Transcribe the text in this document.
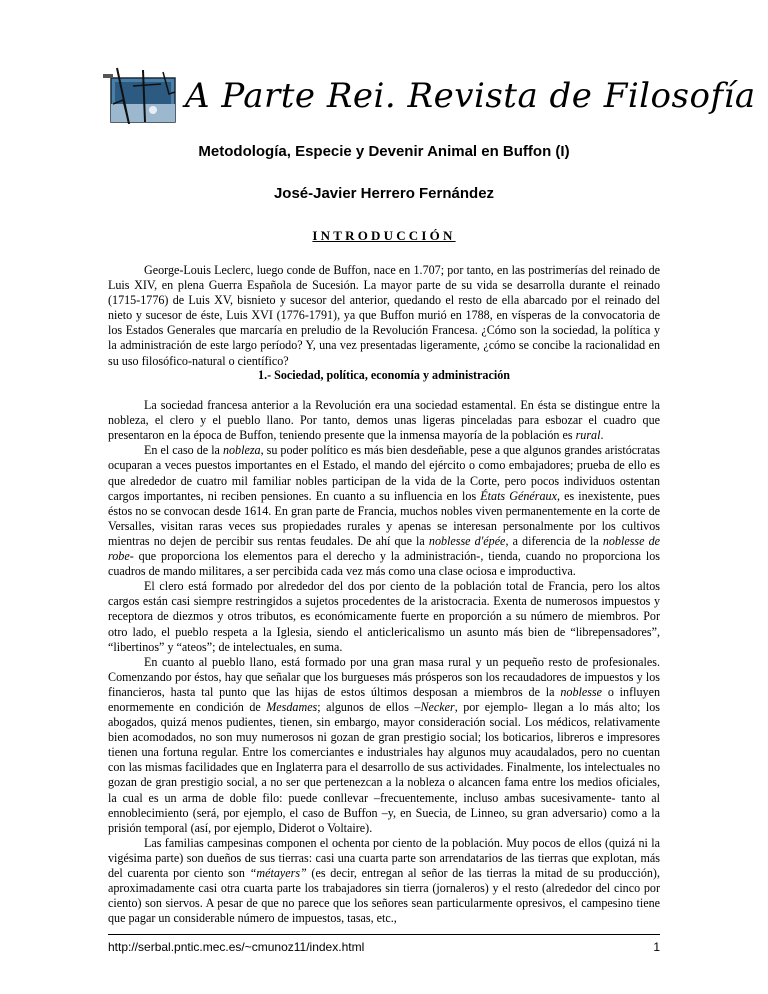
A Parte Rei. Revista de Filosofía
Metodología, Especie y Devenir Animal en Buffon (I)
José-Javier Herrero Fernández
INTRODUCCIÓN

George-Louis Leclerc, luego conde de Buffon, nace en 1.707; por tanto, en las postrimerías del reinado de Luis XIV, en plena Guerra Española de Sucesión. La mayor parte de su vida se desarrolla durante el reinado (1715-1776) de Luis XV, bisnieto y sucesor del anterior, quedando el resto de ella abarcado por el reinado del nieto y sucesor de éste, Luis XVI (1776-1791), ya que Buffon murió en 1788, en vísperas de la convocatoria de los Estados Generales que marcaría en preludio de la Revolución Francesa. ¿Cómo son la sociedad, la política y la administración de este largo período? Y, una vez presentadas ligeramente, ¿cómo se concibe la racionalidad en su uso filosófico-natural o científico?

1.- Sociedad, política, economía y administración

La sociedad francesa anterior a la Revolución era una sociedad estamental. En ésta se distingue entre la nobleza, el clero y el pueblo llano. Por tanto, demos unas ligeras pinceladas para esbozar el cuadro que presentaron en la época de Buffon, teniendo presente que la inmensa mayoría de la población es rural.

En el caso de la nobleza, su poder político es más bien desdeñable, pese a que algunos grandes aristócratas ocuparan a veces puestos importantes en el Estado, el mando del ejército o como embajadores; prueba de ello es que alrededor de cuatro mil familiar nobles participan de la vida de la Corte, pero pocos individuos ostentan cargos importantes, ni reciben pensiones. En cuanto a su influencia en los États Généraux, es inexistente, pues éstos no se convocan desde 1614. En gran parte de Francia, muchos nobles viven permanentemente en la corte de Versalles, visitan raras veces sus propiedades rurales y apenas se interesan personalmente por los cultivos mientras no dejen de percibir sus rentas feudales. De ahí que la noblesse d'épée, a diferencia de la noblesse de robe- que proporciona los elementos para el derecho y la administración-, tienda, cuando no proporciona los cuadros de mando militares, a ser percibida cada vez más como una clase ociosa e improductiva.

El clero está formado por alrededor del dos por ciento de la población total de Francia, pero los altos cargos están casi siempre restringidos a sujetos procedentes de la aristocracia. Exenta de numerosos impuestos y receptora de diezmos y otros tributos, es económicamente fuerte en proporción a su número de miembros. Por otro lado, el pueblo respeta a la Iglesia, siendo el anticlericalismo un asunto más bien de “librepensadores”, “libertinos” y “ateos”; de intelectuales, en suma.

En cuanto al pueblo llano, está formado por una gran masa rural y un pequeño resto de profesionales. Comenzando por éstos, hay que señalar que los burgueses más prósperos son los recaudadores de impuestos y los financieros, hasta tal punto que las hijas de estos últimos desposan a miembros de la noblesse o influyen enormemente en condición de Mesdames; algunos de ellos –Necker, por ejemplo- llegan a lo más alto; los abogados, quizá menos pudientes, tienen, sin embargo, mayor consideración social. Los médicos, relativamente bien acomodados, no son muy numerosos ni gozan de gran prestigio social; los boticarios, libreros e impresores tienen una fortuna regular. Entre los comerciantes e industriales hay algunos muy acaudalados, pero no cuentan con las mismas facilidades que en Inglaterra para el desarrollo de sus actividades. Finalmente, los intelectuales no gozan de gran prestigio social, a no ser que pertenezcan a la nobleza o alcancen fama entre los medios oficiales, la cual es un arma de doble filo: puede conllevar –frecuentemente, incluso ambas sucesivamente- tanto al ennoblecimiento (será, por ejemplo, el caso de Buffon –y, en Suecia, de Linneo, su gran adversario) como a la prisión temporal (así, por ejemplo, Diderot o Voltaire).

Las familias campesinas componen el ochenta por ciento de la población. Muy pocos de ellos (quizá ni la vigésima parte) son dueños de sus tierras: casi una cuarta parte son arrendatarios de las tierras que explotan, más del cuarenta por ciento son “métayers” (es decir, entregan al señor de las tierras la mitad de su producción), aproximadamente casi otra cuarta parte los trabajadores sin tierra (jornaleros) y el resto (alrededor del cinco por ciento) son siervos. A pesar de que no parece que los señores sean particularmente opresivos, el campesino tiene que pagar un considerable número de impuestos, tasas, etc.,

http://serbal.pntic.mec.es/~cmunoz11/index.html	1
